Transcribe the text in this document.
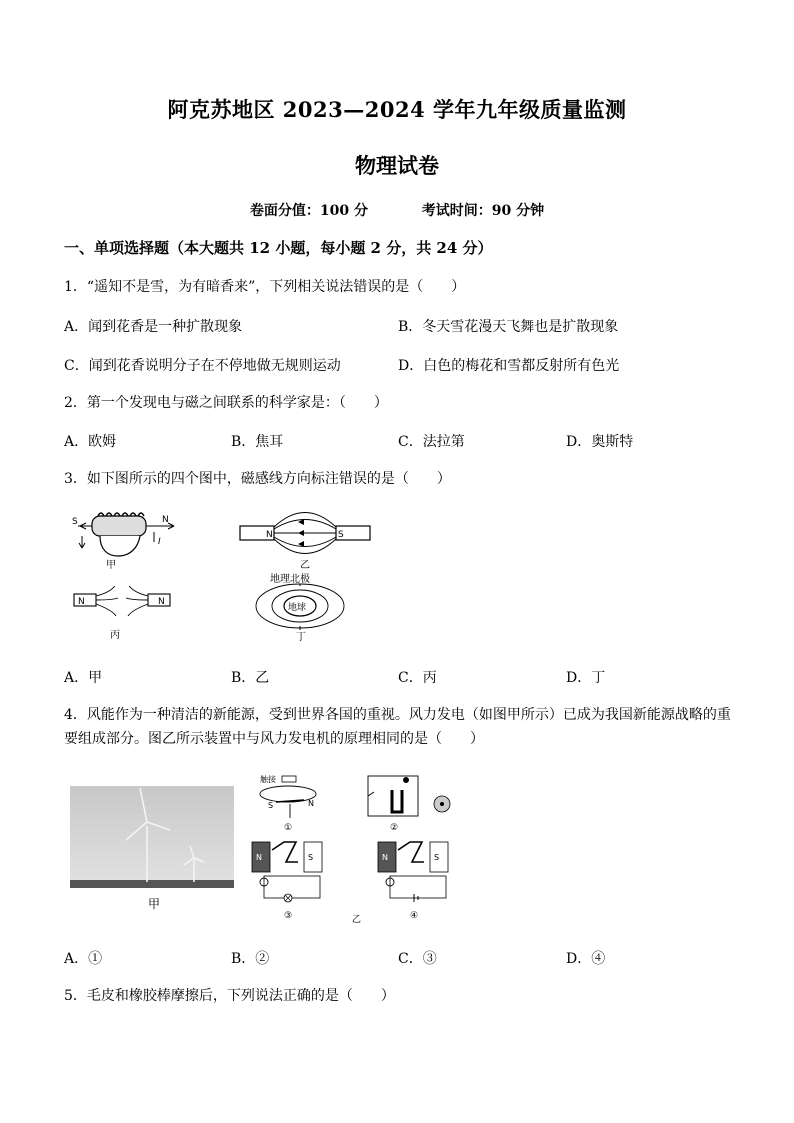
阿克苏地区 2023—2024 学年九年级质量监测
物理试卷
卷面分值：100 分	考试时间：90 分钟
一、单项选择题（本大题共 12 小题，每小题 2 分，共 24 分）
1．“遥知不是雪，为有暗香来”，下列相关说法错误的是（　　）
A．闻到花香是一种扩散现象	B．冬天雪花漫天飞舞也是扩散现象
C．闻到花香说明分子在不停地做无规则运动	D．白色的梅花和雪都反射所有色光
2．第一个发现电与磁之间联系的科学家是：（　　）
A．欧姆	B．焦耳	C．法拉第	D．奥斯特
3．如下图所示的四个图中，磁感线方向标注错误的是（　　）
S	N
I
甲
N	S
乙
N	N
丙
地理北极
地球
丁
A．甲	B．乙	C．丙	D．丁
4．风能作为一种清洁的新能源，受到世界各国的重视。风力发电（如图甲所示）已成为我国新能源战略的重
要组成部分。图乙所示装置中与风力发电机的原理相同的是（　　）
甲
触接
S	N
①	②
N	S
③
N	S
④
乙
A．①	B．②	C．③	D．④
5．毛皮和橡胶棒摩擦后，下列说法正确的是（　　）
